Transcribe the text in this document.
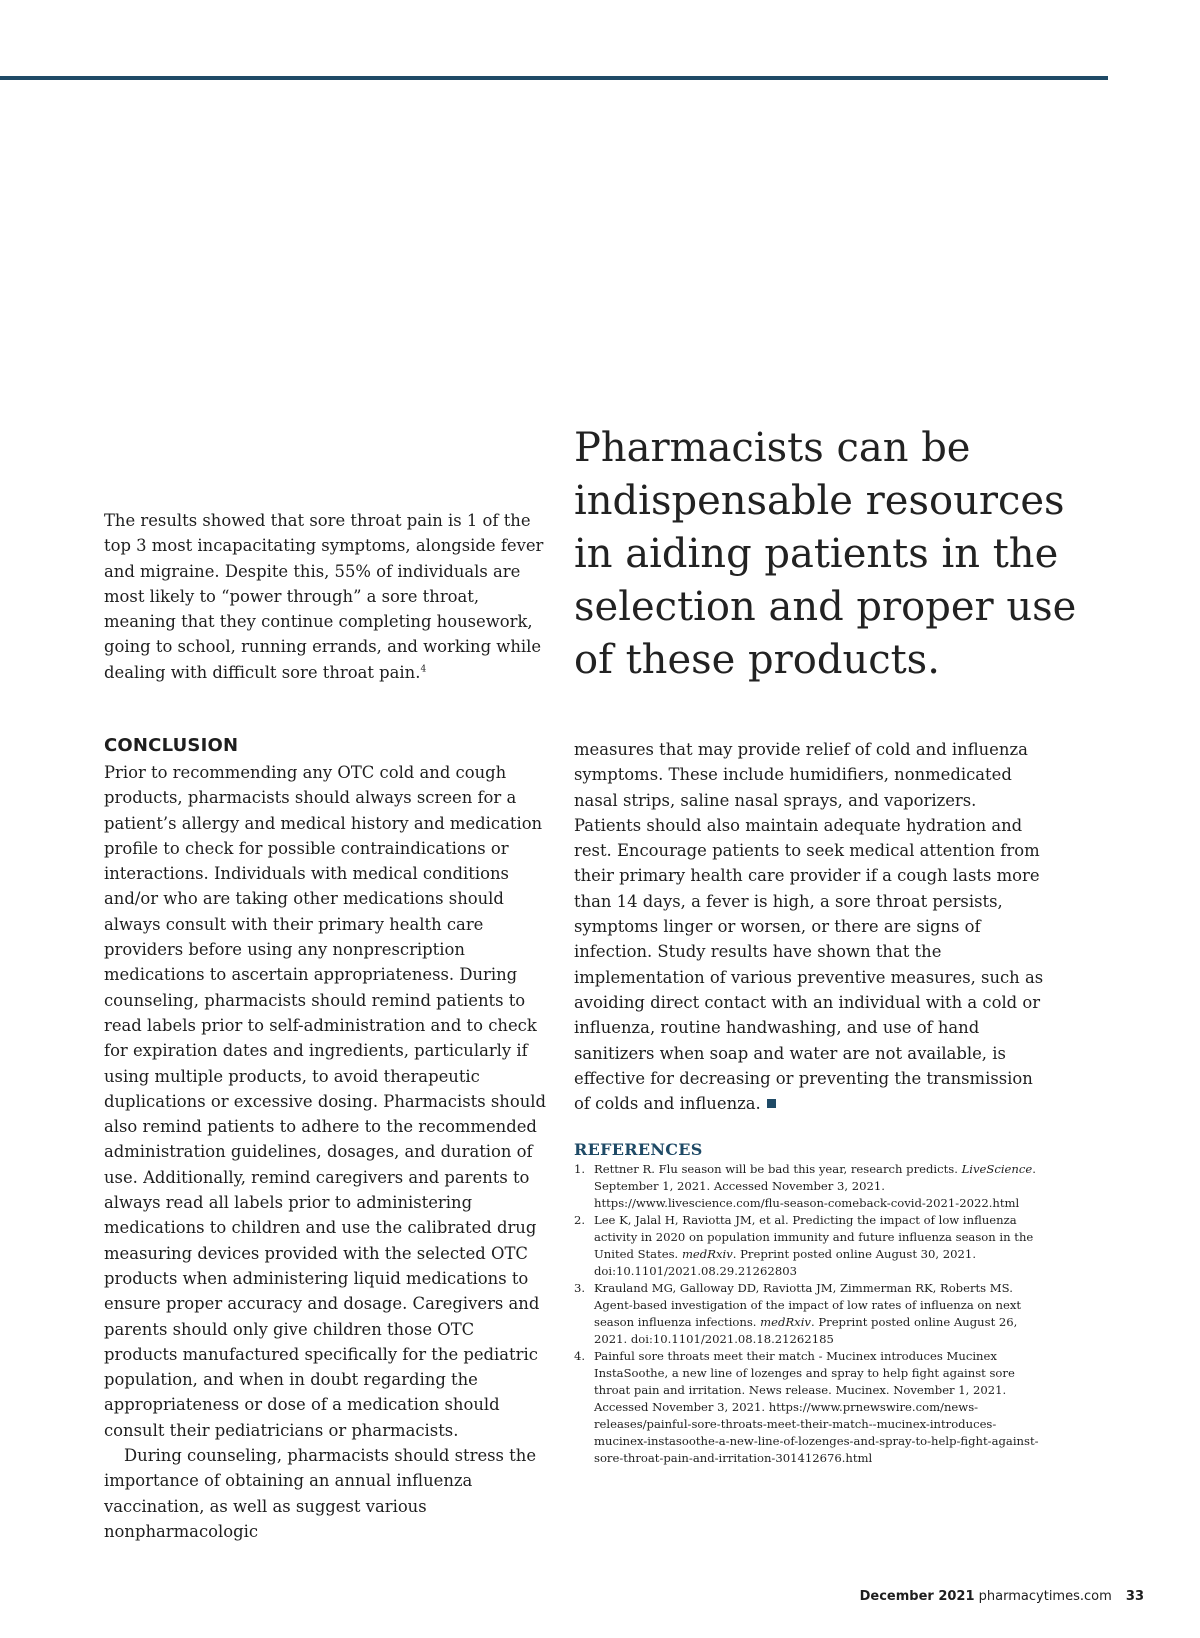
The results showed that sore throat pain is 1 of the top 3 most incapacitating symptoms, alongside fever and migraine. Despite this, 55% of individuals are most likely to “power through” a sore throat, meaning that they continue completing housework, going to school, running errands, and working while dealing with difficult sore throat pain.$^4$

Pharmacists can be indispensable resources in aiding patients in the selection and proper use of these products.
CONCLUSION

Prior to recommending any OTC cold and cough products, pharmacists should always screen for a patient’s allergy and medical history and medication profile to check for possible contraindications or interactions. Individuals with medical conditions and/or who are taking other medications should always consult with their primary health care providers before using any nonprescription medications to ascertain appropriateness. During counseling, pharmacists should remind patients to read labels prior to self-administration and to check for expiration dates and ingredients, particularly if using multiple products, to avoid therapeutic duplications or excessive dosing. Pharmacists should also remind patients to adhere to the recommended administration guidelines, dosages, and duration of use. Additionally, remind caregivers and parents to always read all labels prior to administering medications to children and use the calibrated drug measuring devices provided with the selected OTC products when administering liquid medications to ensure proper accuracy and dosage. Caregivers and parents should only give children those OTC products manufactured specifically for the pediatric population, and when in doubt regarding the appropriateness or dose of a medication should consult their pediatricians or pharmacists.

During counseling, pharmacists should stress the importance of obtaining an annual influenza vaccination, as well as suggest various nonpharmacologic

measures that may provide relief of cold and influenza symptoms. These include humidifiers, nonmedicated nasal strips, saline nasal sprays, and vaporizers. Patients should also maintain adequate hydration and rest. Encourage patients to seek medical attention from their primary health care provider if a cough lasts more than 14 days, a fever is high, a sore throat persists, symptoms linger or worsen, or there are signs of infection. Study results have shown that the implementation of various preventive measures, such as avoiding direct contact with an individual with a cold or influenza, routine handwashing, and use of hand sanitizers when soap and water are not available, is effective for decreasing or preventing the transmission of colds and influenza.

REFERENCES
1. Rettner R. Flu season will be bad this year, research predicts. LiveScience. September 1, 2021. Accessed November 3, 2021. https://www.livescience.com/flu-season-comeback-covid-2021-2022.html
2. Lee K, Jalal H, Raviotta JM, et al. Predicting the impact of low influenza activity in 2020 on population immunity and future influenza season in the United States. medRxiv. Preprint posted online August 30, 2021. doi:10.1101/2021.08.29.21262803
3. Krauland MG, Galloway DD, Raviotta JM, Zimmerman RK, Roberts MS. Agent-based investigation of the impact of low rates of influenza on next season influenza infections. medRxiv. Preprint posted online August 26, 2021. doi:10.1101/2021.08.18.21262185
4. Painful sore throats meet their match - Mucinex introduces Mucinex InstaSoothe, a new line of lozenges and spray to help fight against sore throat pain and irritation. News release. Mucinex. November 1, 2021. Accessed November 3, 2021. https://www.prnewswire.com/news-releases/painful-sore-throats-meet-their-match--mucinex-introduces-mucinex-instasoothe-a-new-line-of-lozenges-and-spray-to-help-fight-against-sore-throat-pain-and-irritation-301412676.html
December 2021 pharmacytimes.com 33
